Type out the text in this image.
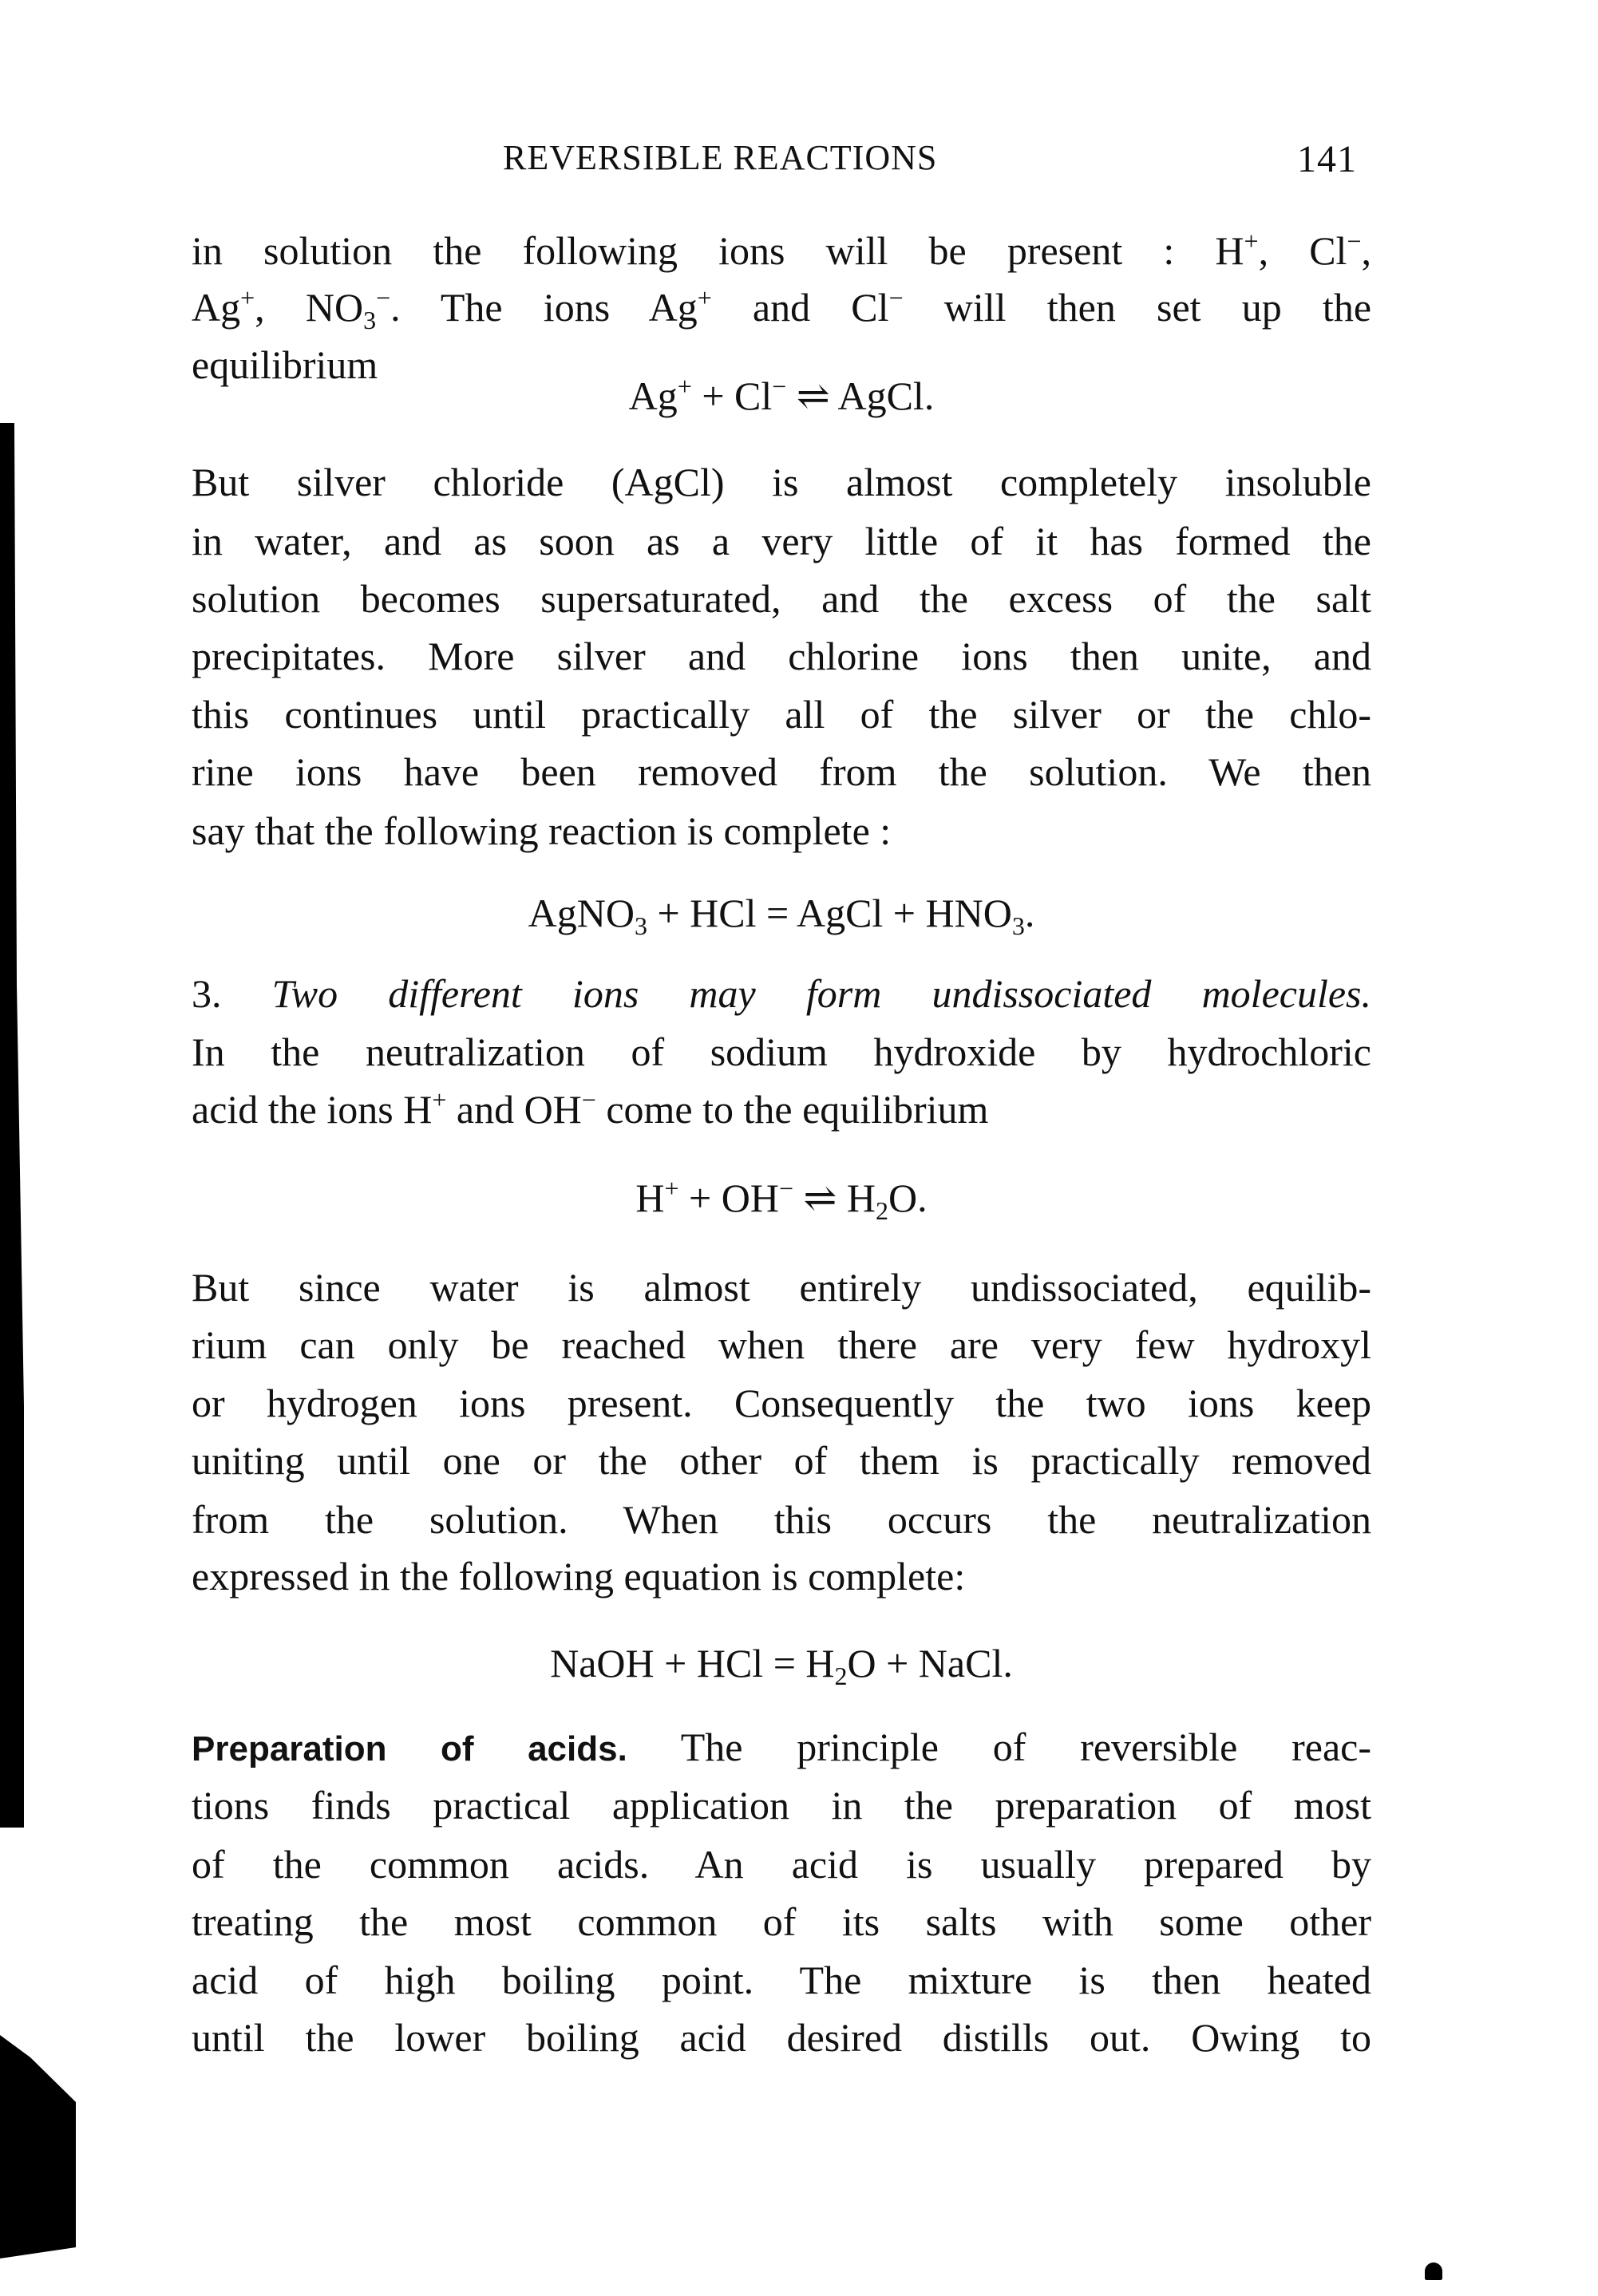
REVERSIBLE REACTIONS	141
in solution the following ions will be present : H+, Cl−,
Ag+, $NO_3^-$. The ions Ag+ and Cl− will then set up the
equilibrium
Ag+ + Cl− ⇌ AgCl.
But silver chloride (AgCl) is almost completely insoluble
in water, and as soon as a very little of it has formed the
solution becomes supersaturated, and the excess of the salt
precipitates. More silver and chlorine ions then unite, and
this continues until practically all of the silver or the chlo-
rine ions have been removed from the solution. We then
say that the following reaction is complete :
AgNO$_3$ + HCl = AgCl + $HNO_3$.
3. Two different ions may form undissociated molecules.
In the neutralization of sodium hydroxide by hydrochloric
acid the ions H+ and OH− come to the equilibrium
H+ + OH− ⇌ $H_2O$.
But since water is almost entirely undissociated, equilib-
rium can only be reached when there are very few hydroxyl
or hydrogen ions present. Consequently the two ions keep
uniting until one or the other of them is practically removed
from the solution. When this occurs the neutralization
expressed in the following equation is complete:
NaOH + HCl = $H_2O$ + NaCl.
Preparation of acids. The principle of reversible reac-
tions finds practical application in the preparation of most
of the common acids. An acid is usually prepared by
treating the most common of its salts with some other
acid of high boiling point. The mixture is then heated
until the lower boiling acid desired distills out. Owing to
